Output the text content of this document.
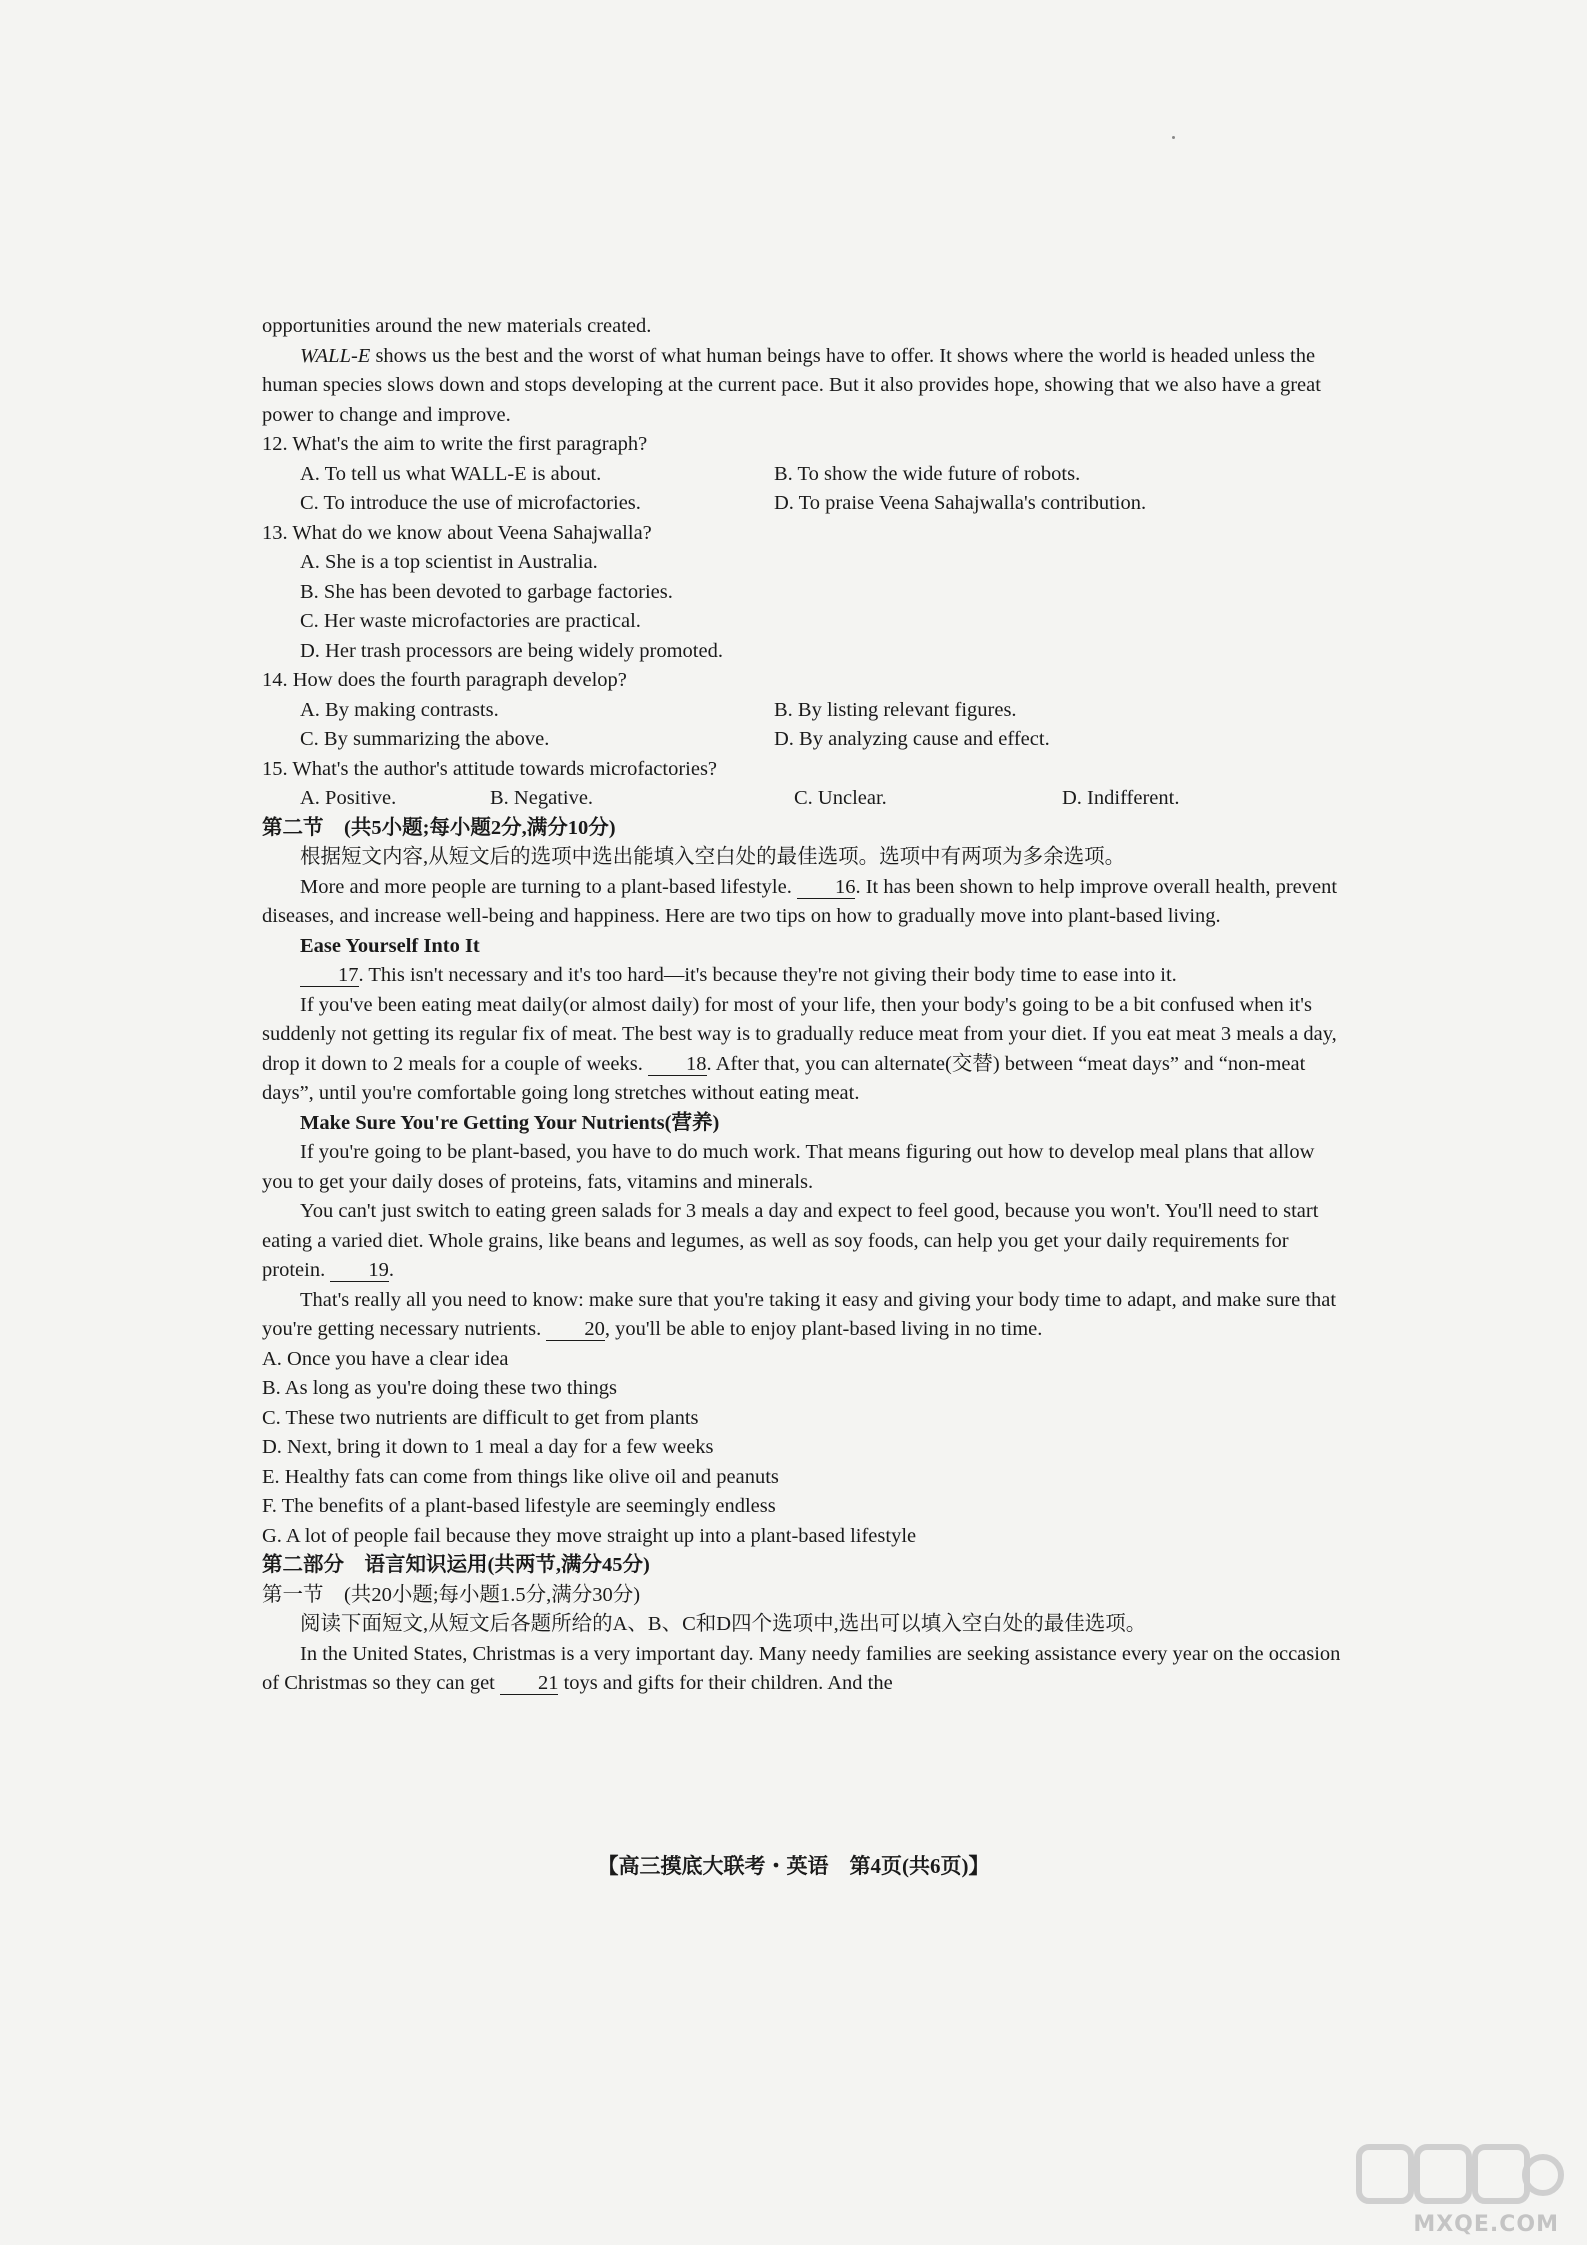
opportunities around the new materials created.

WALL-E shows us the best and the worst of what human beings have to offer. It shows where the world is headed unless the human species slows down and stops developing at the current pace. But it also provides hope, showing that we also have a great power to change and improve.

12. What's the aim to write the first paragraph?

A. To tell us what WALL-E is about.	B. To show the wide future of robots.
C. To introduce the use of microfactories.	D. To praise Veena Sahajwalla's contribution.

13. What do we know about Veena Sahajwalla?

A. She is a top scientist in Australia.

B. She has been devoted to garbage factories.

C. Her waste microfactories are practical.

D. Her trash processors are being widely promoted.

14. How does the fourth paragraph develop?

A. By making contrasts.	B. By listing relevant figures.
C. By summarizing the above.	D. By analyzing cause and effect.

15. What's the author's attitude towards microfactories?

A. Positive.	B. Negative.	C. Unclear.	D. Indifferent.

第二节　(共5小题;每小题2分,满分10分)

根据短文内容,从短文后的选项中选出能填入空白处的最佳选项。选项中有两项为多余选项。

More and more people are turning to a plant-based lifestyle. 16. It has been shown to help improve overall health, prevent diseases, and increase well-being and happiness. Here are two tips on how to gradually move into plant-based living.

Ease Yourself Into It

17. This isn't necessary and it's too hard—it's because they're not giving their body time to ease into it.

If you've been eating meat daily(or almost daily) for most of your life, then your body's going to be a bit confused when it's suddenly not getting its regular fix of meat. The best way is to gradually reduce meat from your diet. If you eat meat 3 meals a day, drop it down to 2 meals for a couple of weeks. 18. After that, you can alternate(交替) between “meat days” and “non-meat days”, until you're comfortable going long stretches without eating meat.

Make Sure You're Getting Your Nutrients(营养)

If you're going to be plant-based, you have to do much work. That means figuring out how to develop meal plans that allow you to get your daily doses of proteins, fats, vitamins and minerals.

You can't just switch to eating green salads for 3 meals a day and expect to feel good, because you won't. You'll need to start eating a varied diet. Whole grains, like beans and legumes, as well as soy foods, can help you get your daily requirements for protein. 19.

That's really all you need to know: make sure that you're taking it easy and giving your body time to adapt, and make sure that you're getting necessary nutrients. 20, you'll be able to enjoy plant-based living in no time.

A. Once you have a clear idea

B. As long as you're doing these two things

C. These two nutrients are difficult to get from plants

D. Next, bring it down to 1 meal a day for a few weeks

E. Healthy fats can come from things like olive oil and peanuts

F. The benefits of a plant-based lifestyle are seemingly endless

G. A lot of people fail because they move straight up into a plant-based lifestyle

第二部分　语言知识运用(共两节,满分45分)

第一节　(共20小题;每小题1.5分,满分30分)

阅读下面短文,从短文后各题所给的A、B、C和D四个选项中,选出可以填入空白处的最佳选项。

In the United States, Christmas is a very important day. Many needy families are seeking assistance every year on the occasion of Christmas so they can get 21 toys and gifts for their children. And the

【高三摸底大联考・英语　第4页(共6页)】
MXQE.COM
